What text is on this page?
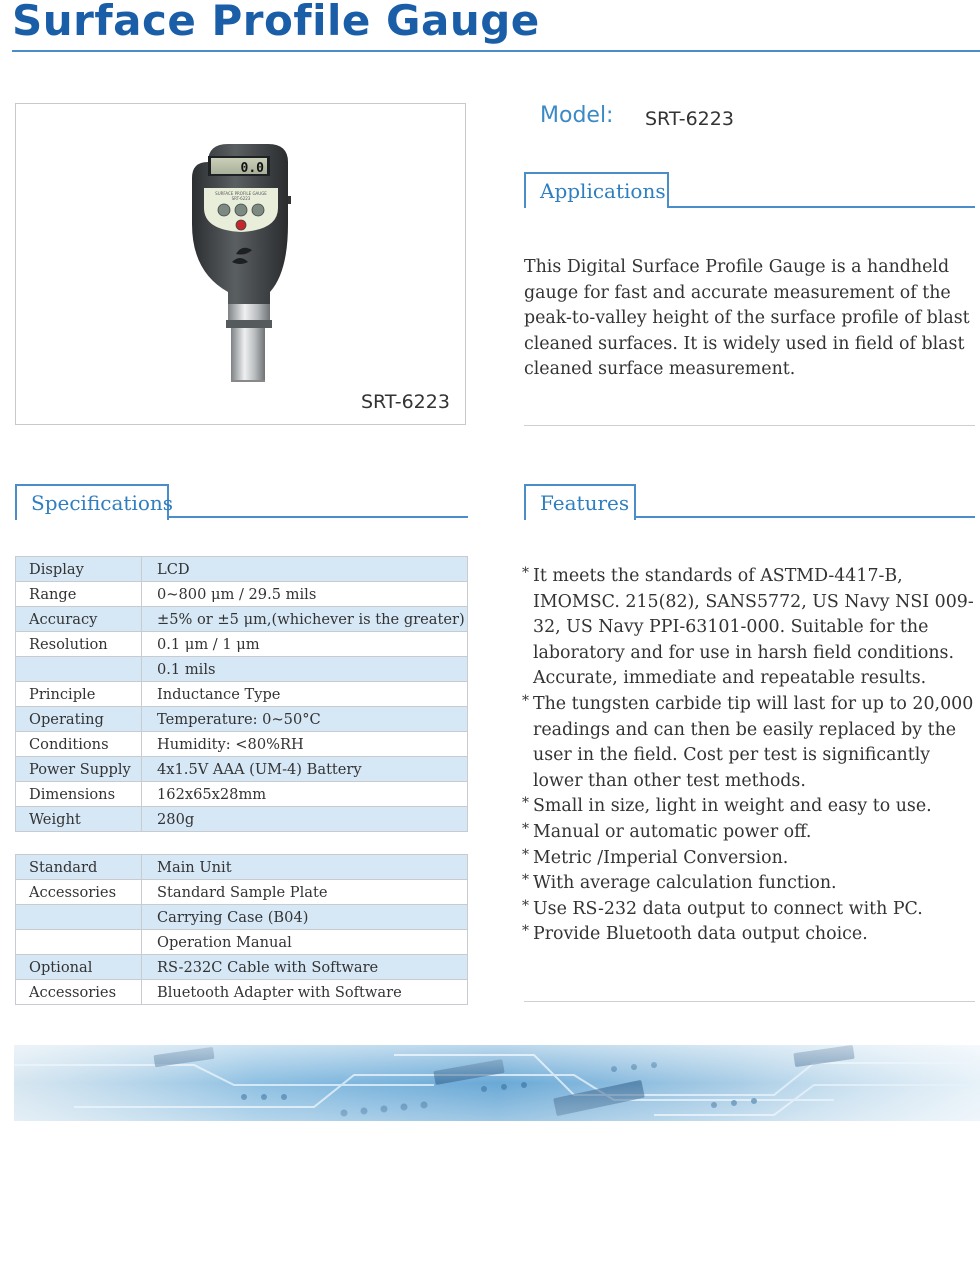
Surface Profile Gauge
0.0
SURFACE PROFILE GAUGE
SRT-6223
SRT-6223
Model: SRT-6223
Applications
This Digital Surface Profile Gauge is a handheld gauge for fast and accurate measurement of the peak-to-valley height of the surface profile of blast cleaned surfaces. It is widely used in field of blast cleaned surface measurement.
Specifications	Features
Display	LCD
Range	0~800 μm / 29.5 mils
Accuracy	±5% or ±5 μm,(whichever is the greater)
Resolution	0.1 μm / 1 μm
	0.1 mils
Principle	Inductance Type
Operating	Temperature: 0~50°C
Conditions	Humidity: <80%RH
Power Supply	4x1.5V AAA (UM-4) Battery
Dimensions	162x65x28mm
Weight	280g
Standard	Main Unit
Accessories	Standard Sample Plate
	Carrying Case (B04)
	Operation Manual
Optional	RS-232C Cable with Software
Accessories	Bluetooth Adapter with Software
* It meets the standards of ASTMD-4417-B, IMOMSC. 215(82), SANS5772, US Navy NSI 009-32, US Navy PPI-63101-000. Suitable for the laboratory and for use in harsh field conditions. Accurate, immediate and repeatable results.
* The tungsten carbide tip will last for up to 20,000 readings and can then be easily replaced by the user in the field. Cost per test is significantly lower than other test methods.
* Small in size, light in weight and easy to use.
* Manual or automatic power off.
* Metric /Imperial Conversion.
* With average calculation function.
* Use RS-232 data output to connect with PC.
* Provide Bluetooth data output choice.
